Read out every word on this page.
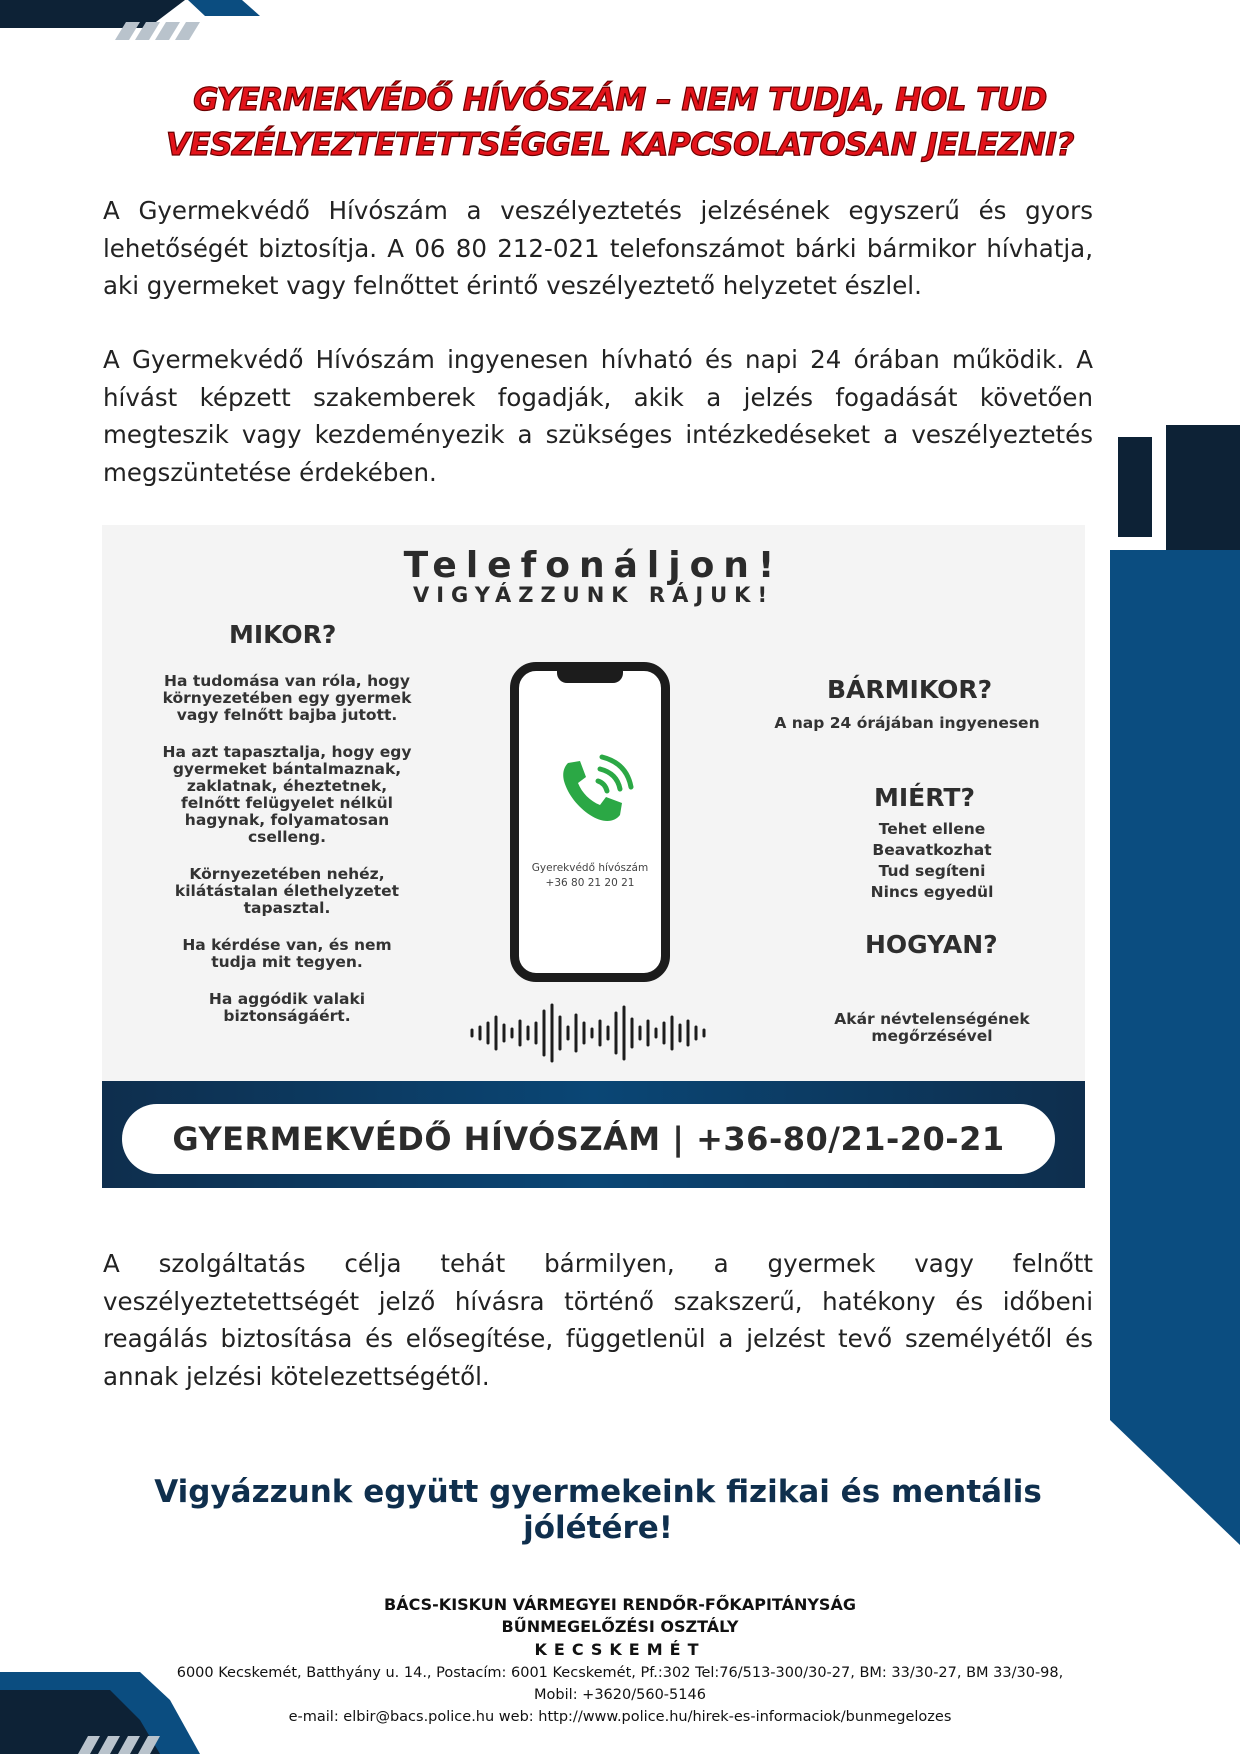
GYERMEKVÉDŐ HÍVÓSZÁM – NEM TUDJA, HOL TUD
VESZÉLYEZTETETTSÉGGEL KAPCSOLATOSAN JELEZNI?

A Gyermekvédő Hívószám a veszélyeztetés jelzésének egyszerű és gyors lehetőségét biztosítja. A 06 80 212-021 telefonszámot bárki bármikor hívhatja, aki gyermeket vagy felnőttet érintő veszélyeztető helyzetet észlel.

A Gyermekvédő Hívószám ingyenesen hívható és napi 24 órában működik. A hívást képzett szakemberek fogadják, akik a jelzés fogadását követően megteszik vagy kezdeményezik a szükséges intézkedéseket a veszélyeztetés megszüntetése érdekében.

Telefonáljon!
VIGYÁZZUNK RÁJUK!
MIKOR?
Ha tudomása van róla, hogy környezetében egy gyermek vagy felnőtt bajba jutott.
Ha azt tapasztalja, hogy egy gyermeket bántalmaznak, zaklatnak, éheztetnek, felnőtt felügyelet nélkül hagynak, folyamatosan cselleng.
Környezetében nehéz, kilátástalan élethelyzetet tapasztal.
Ha kérdése van, és nem tudja mit tegyen.
Ha aggódik valaki biztonságáért.
Gyerekvédő hívószám
+36 80 21 20 21
BÁRMIKOR?
A nap 24 órájában ingyenesen
MIÉRT?
Tehet ellene
Beavatkozhat
Tud segíteni
Nincs egyedül
HOGYAN?
Akár névtelenségének megőrzésével
GYERMEKVÉDŐ HÍVÓSZÁM | +36-80/21-20-21

A szolgáltatás célja tehát bármilyen, a gyermek vagy felnőtt veszélyeztetettségét jelző hívásra történő szakszerű, hatékony és időbeni reagálás biztosítása és elősegítése, függetlenül a jelzést tevő személyétől és annak jelzési kötelezettségétől.

Vigyázzunk együtt gyermekeink fizikai és mentális jólétére!
BÁCS-KISKUN VÁRMEGYEI RENDŐR-FŐKAPITÁNYSÁG
BŰNMEGELŐZÉSI OSZTÁLY
KECSKEMÉT
6000 Kecskemét, Batthyány u. 14., Postacím: 6001 Kecskemét, Pf.:302 Tel:76/513-300/30-27, BM: 33/30-27, BM 33/30-98, Mobil: +3620/560-5146
e-mail: elbir@bacs.police.hu web: http://www.police.hu/hirek-es-informaciok/bunmegelozes
